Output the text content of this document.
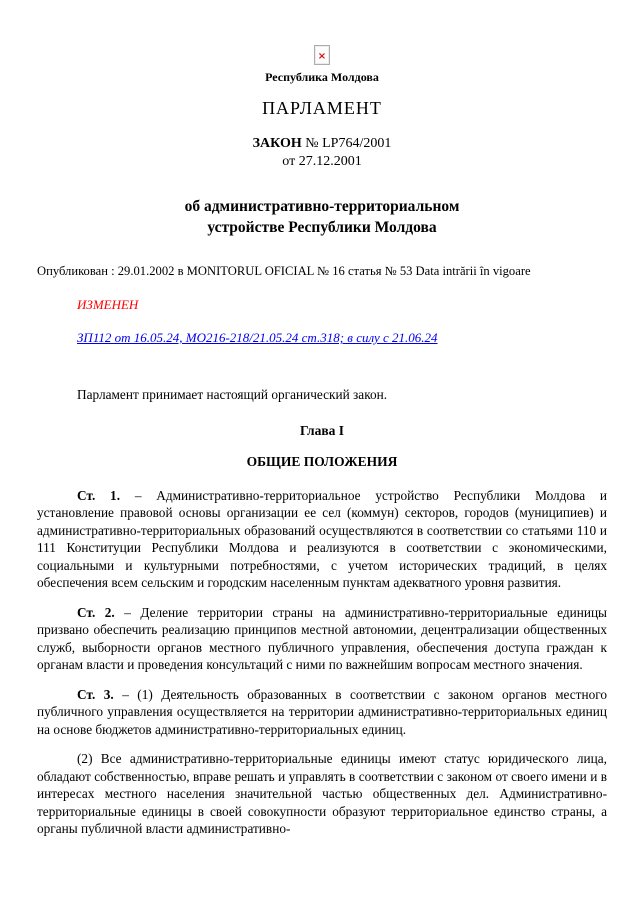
×
Республика Молдова
ПАРЛАМЕНТ
ЗАКОН № LP764/2001
от 27.12.2001
об административно-территориальном
устройстве Республики Молдова
Опубликован : 29.01.2002 в MONITORUL OFICIAL № 16 статья № 53 Data intrării în vigoare
ИЗМЕНЕН
ЗП112 от 16.05.24, МО216-218/21.05.24 ст.318; в силу с 21.06.24

Парламент принимает настоящий органический закон.

Глава I
ОБЩИЕ ПОЛОЖЕНИЯ

Ст. 1. – Административно-территориальное устройство Республики Молдова и установление правовой основы организации ее сел (коммун) секторов, городов (муниципиев) и административно-территориальных образований осуществляются в соответствии со статьями 110 и 111 Конституции Республики Молдова и реализуются в соответствии с экономическими, социальными и культурными потребностями, с учетом исторических традиций, в целях обеспечения всем сельским и городским населенным пунктам адекватного уровня развития.

Ст. 2. – Деление территории страны на административно-территориальные единицы призвано обеспечить реализацию принципов местной автономии, децентрализации общественных служб, выборности органов местного публичного управления, обеспечения доступа граждан к органам власти и проведения консультаций с ними по важнейшим вопросам местного значения.

Ст. 3. – (1) Деятельность образованных в соответствии с законом органов местного публичного управления осуществляется на территории административно-территориальных единиц на основе бюджетов административно-территориальных единиц.

(2) Все административно-территориальные единицы имеют статус юридического лица, обладают собственностью, вправе решать и управлять в соответствии с законом от своего имени и в интересах местного населения значительной частью общественных дел. Административно-территориальные единицы в своей совокупности образуют территориальное единство страны, а органы публичной власти административно-
